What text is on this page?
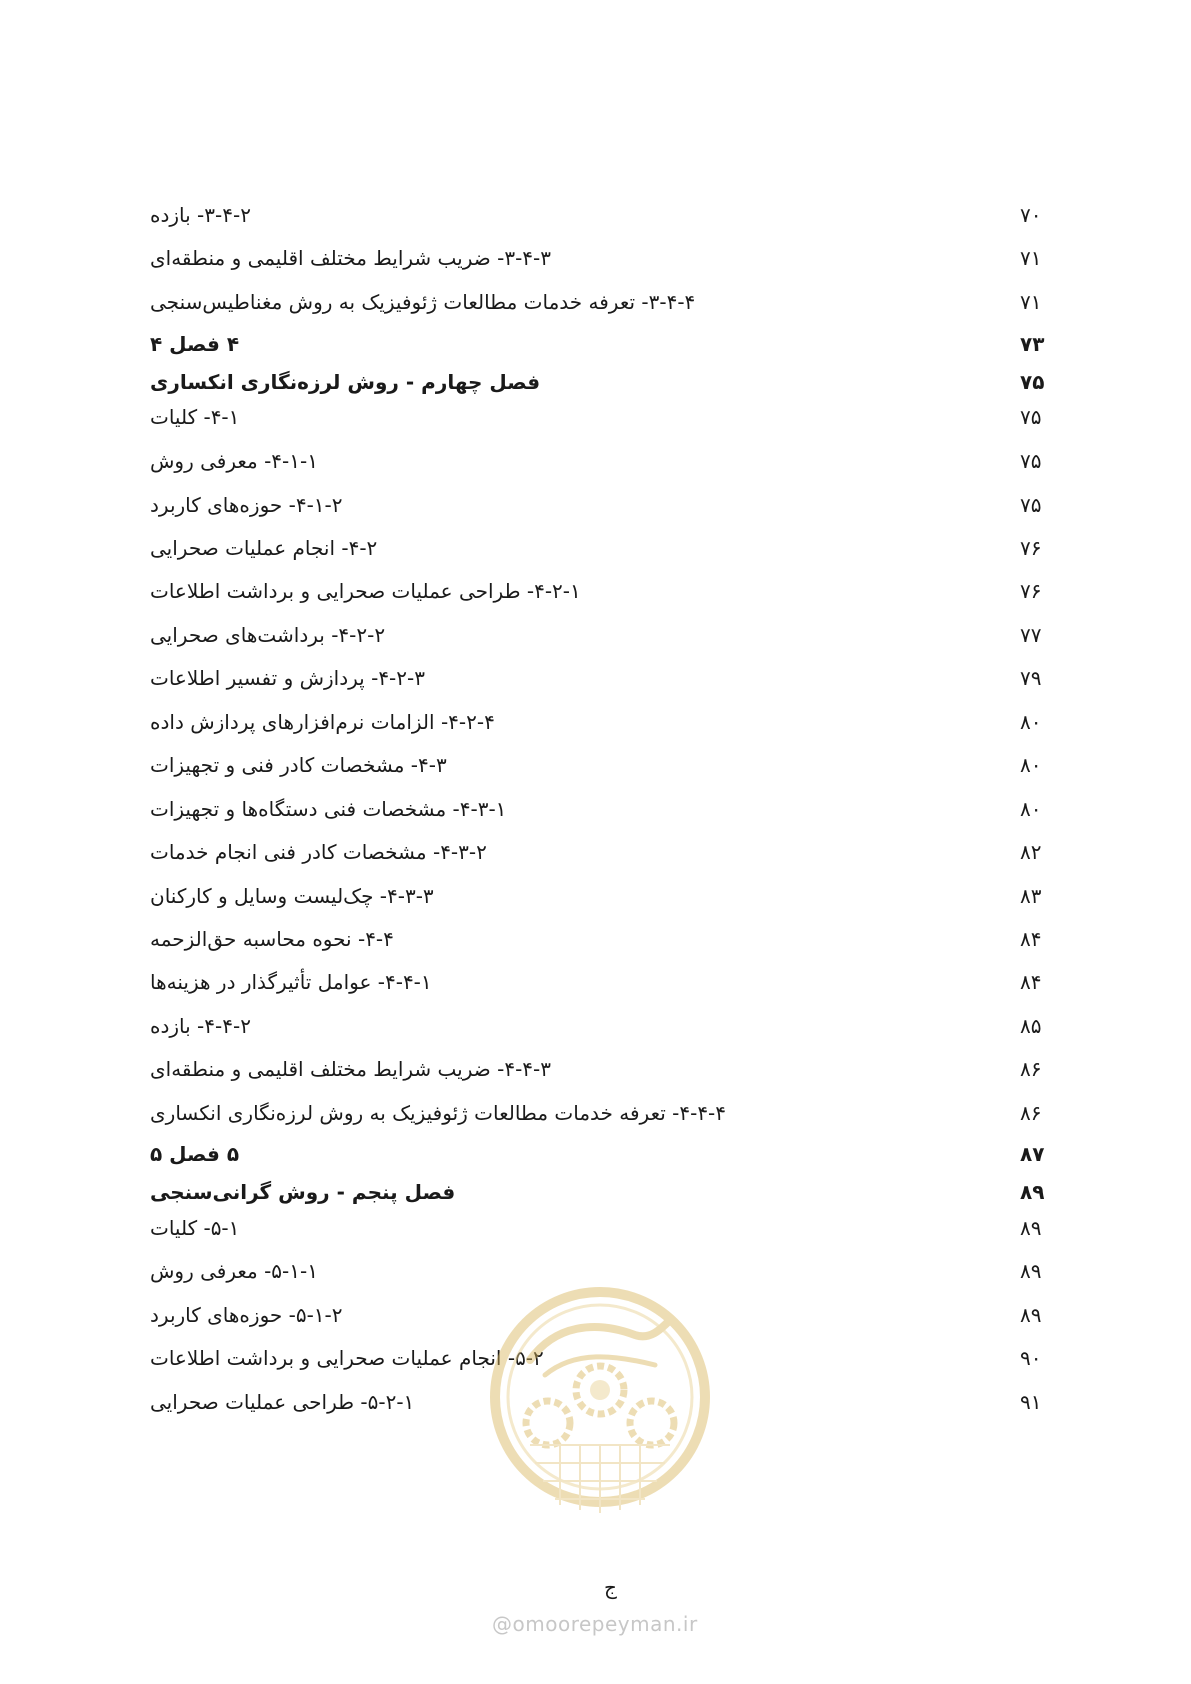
۳-۴-۲- بازده	۷۰
۳-۴-۳- ضریب شرایط مختلف اقلیمی و منطقه‌ای	۷۱
۳-۴-۴- تعرفه خدمات مطالعات ژئوفیزیک به روش مغناطیس‌سنجی	۷۱
۴ فصل ۴	۷۳
فصل چهارم - روش لرزه‌نگاری انکساری	۷۵
۴-۱- کلیات	۷۵
۴-۱-۱- معرفی روش	۷۵
۴-۱-۲- حوزه‌های کاربرد	۷۵
۴-۲- انجام عملیات صحرایی	۷۶
۴-۲-۱- طراحی عملیات صحرایی و برداشت اطلاعات	۷۶
۴-۲-۲- برداشت‌های صحرایی	۷۷
۴-۲-۳- پردازش و تفسیر اطلاعات	۷۹
۴-۲-۴- الزامات نرم‌افزارهای پردازش داده	۸۰
۴-۳- مشخصات کادر فنی و تجهیزات	۸۰
۴-۳-۱- مشخصات فنی دستگاه‌ها و تجهیزات	۸۰
۴-۳-۲- مشخصات کادر فنی انجام خدمات	۸۲
۴-۳-۳- چک‌لیست وسایل و کارکنان	۸۳
۴-۴- نحوه محاسبه حق‌الزحمه	۸۴
۴-۴-۱- عوامل تأثیرگذار در هزینه‌ها	۸۴
۴-۴-۲- بازده	۸۵
۴-۴-۳- ضریب شرایط مختلف اقلیمی و منطقه‌ای	۸۶
۴-۴-۴- تعرفه خدمات مطالعات ژئوفیزیک به روش لرزه‌نگاری انکساری	۸۶
۵ فصل ۵	۸۷
فصل پنجم - روش گرانی‌سنجی	۸۹
۵-۱- کلیات	۸۹
۵-۱-۱- معرفی روش	۸۹
۵-۱-۲- حوزه‌های کاربرد	۸۹
۵-۲- انجام عملیات صحرایی و برداشت اطلاعات	۹۰
۵-۲-۱- طراحی عملیات صحرایی	۹۱
ج
@omoorepeyman.ir
